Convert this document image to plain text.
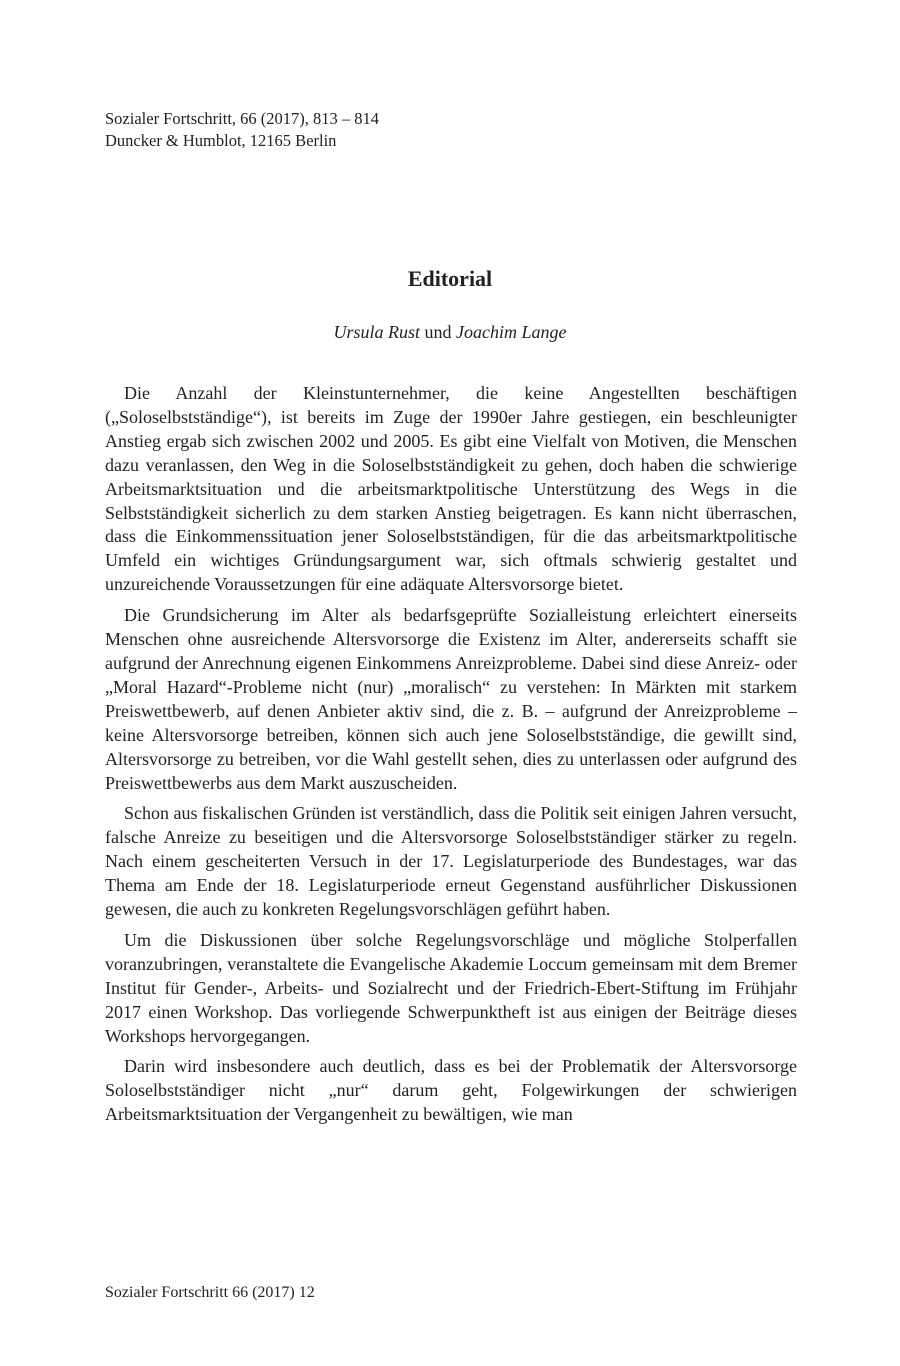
Sozialer Fortschritt, 66 (2017), 813 – 814
Duncker & Humblot, 12165 Berlin
Editorial
Ursula Rust und Joachim Lange

Die Anzahl der Kleinstunternehmer, die keine Angestellten beschäftigen („Soloselbstständige“), ist bereits im Zuge der 1990er Jahre gestiegen, ein beschleunigter Anstieg ergab sich zwischen 2002 und 2005. Es gibt eine Vielfalt von Motiven, die Menschen dazu veranlassen, den Weg in die Soloselbstständigkeit zu gehen, doch haben die schwierige Arbeitsmarktsituation und die arbeitsmarktpolitische Unterstützung des Wegs in die Selbstständigkeit sicherlich zu dem starken Anstieg beigetragen. Es kann nicht überraschen, dass die Einkommenssituation jener Soloselbstständigen, für die das arbeitsmarktpolitische Umfeld ein wichtiges Gründungsargument war, sich oftmals schwierig gestaltet und unzureichende Voraussetzungen für eine adäquate Altersvorsorge bietet.

Die Grundsicherung im Alter als bedarfsgeprüfte Sozialleistung erleichtert einerseits Menschen ohne ausreichende Altersvorsorge die Existenz im Alter, andererseits schafft sie aufgrund der Anrechnung eigenen Einkommens Anreizprobleme. Dabei sind diese Anreiz- oder „Moral Hazard“-Probleme nicht (nur) „moralisch“ zu verstehen: In Märkten mit starkem Preiswettbewerb, auf denen Anbieter aktiv sind, die z. B. – aufgrund der Anreizprobleme – keine Altersvorsorge betreiben, können sich auch jene Soloselbstständige, die gewillt sind, Altersvorsorge zu betreiben, vor die Wahl gestellt sehen, dies zu unterlassen oder aufgrund des Preiswettbewerbs aus dem Markt auszuscheiden.

Schon aus fiskalischen Gründen ist verständlich, dass die Politik seit einigen Jahren versucht, falsche Anreize zu beseitigen und die Altersvorsorge Soloselbstständiger stärker zu regeln. Nach einem gescheiterten Versuch in der 17. Legislaturperiode des Bundestages, war das Thema am Ende der 18. Legislaturperiode erneut Gegenstand ausführlicher Diskussionen gewesen, die auch zu konkreten Regelungsvorschlägen geführt haben.

Um die Diskussionen über solche Regelungsvorschläge und mögliche Stolperfallen voranzubringen, veranstaltete die Evangelische Akademie Loccum gemeinsam mit dem Bremer Institut für Gender-, Arbeits- und Sozialrecht und der Friedrich-Ebert-Stiftung im Frühjahr 2017 einen Workshop. Das vorliegende Schwerpunktheft ist aus einigen der Beiträge dieses Workshops hervorgegangen.

Darin wird insbesondere auch deutlich, dass es bei der Problematik der Altersvorsorge Soloselbstständiger nicht „nur“ darum geht, Folgewirkungen der schwierigen Arbeitsmarktsituation der Vergangenheit zu bewältigen, wie man

Sozialer Fortschritt 66 (2017) 12
